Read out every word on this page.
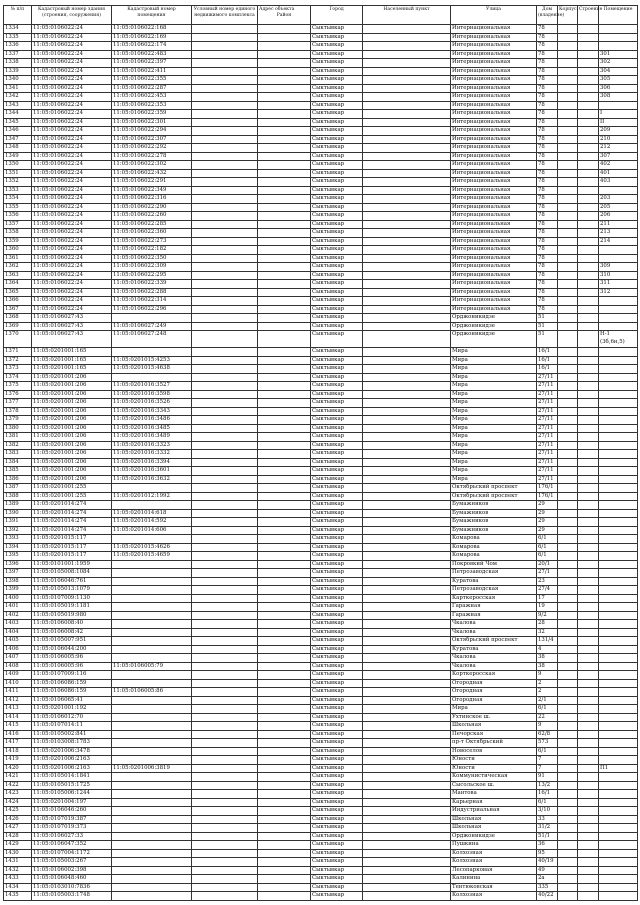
№ п/п	Кадастровый номер здания (строения, сооружения)	Кадастровый номер помещения	Условный номер единого недвижимого комплекса	Адрес объекта
Район	Город	Населенный пункт	Улица	Дом (владение)	Корпус	Строение	Помещение
1334	11:05:0106022:24	11:05:0106022:168			Сыктывкар		Интернациональная	78			
1335	11:05:0106022:24	11:05:0106022:169			Сыктывкар		Интернациональная	78			
1336	11:05:0106022:24	11:05:0106022:174			Сыктывкар		Интернациональная	78			
1337	11:05:0106022:24	11:05:0106022:483			Сыктывкар		Интернациональная	78			301
1338	11:05:0106022:24	11:05:0106022:397			Сыктывкар		Интернациональная	78			302
1339	11:05:0106022:24	11:05:0106022:411			Сыктывкар		Интернациональная	78			304
1340	11:05:0106022:24	11:05:0106022:355			Сыктывкар		Интернациональная	78			305
1341	11:05:0106022:24	11:05:0106022:287			Сыктывкар		Интернациональная	78			306
1342	11:05:0106022:24	11:05:0106022:453			Сыктывкар		Интернациональная	78			308
1343	11:05:0106022:24	11:05:0106022:353			Сыктывкар		Интернациональная	78			
1344	11:05:0106022:24	11:05:0106022:359			Сыктывкар		Интернациональная	78			I
1345	11:05:0106022:24	11:05:0106022:301			Сыктывкар		Интернациональная	78			II
1346	11:05:0106022:24	11:05:0106022:294			Сыктывкар		Интернациональная	78			209
1347	11:05:0106022:24	11:05:0106022:307			Сыктывкар		Интернациональная	78			210
1348	11:05:0106022:24	11:05:0106022:292			Сыктывкар		Интернациональная	78			212
1349	11:05:0106022:24	11:05:0106022:278			Сыктывкар		Интернациональная	78			307
1350	11:05:0106022:24	11:05:0106022:302			Сыктывкар		Интернациональная	78			402
1351	11:05:0106022:24	11:05:0106022:432			Сыктывкар		Интернациональная	78			401
1352	11:05:0106022:24	11:05:0106022:291			Сыктывкар		Интернациональная	78			403
1353	11:05:0106022:24	11:05:0106022:349			Сыктывкар		Интернациональная	78			
1354	11:05:0106022:24	11:05:0106022:316			Сыктывкар		Интернациональная	78			203
1355	11:05:0106022:24	11:05:0106022:290			Сыктывкар		Интернациональная	78			205
1356	11:05:0106022:24	11:05:0106022:260			Сыктывкар		Интернациональная	78			206
1357	11:05:0106022:24	11:05:0106022:285			Сыктывкар		Интернациональная	78			211
1358	11:05:0106022:24	11:05:0106022:360			Сыктывкар		Интернациональная	78			213
1359	11:05:0106022:24	11:05:0106022:273			Сыктывкар		Интернациональная	78			214
1360	11:05:0106022:24	11:05:0106022:182			Сыктывкар		Интернациональная	78			
1361	11:05:0106022:24	11:05:0106022:350			Сыктывкар		Интернациональная	78			
1362	11:05:0106022:24	11:05:0106022:309			Сыктывкар		Интернациональная	78			309
1363	11:05:0106022:24	11:05:0106022:295			Сыктывкар		Интернациональная	78			310
1364	11:05:0106022:24	11:05:0106022:339			Сыктывкар		Интернациональная	78			311
1365	11:05:0106022:24	11:05:0106022:288			Сыктывкар		Интернациональная	78			312
1366	11:05:0106022:24	11:05:0106022:314			Сыктывкар		Интернациональная	78			
1367	11:05:0106022:24	11:05:0106022:296			Сыктывкар		Интернациональная	78			
1368	11:05:0106027:43				Сыктывкар		Орджоникидзе	51			
1369	11:05:0106027:43	11:05:0106027:249			Сыктывкар		Орджоникидзе	51			
1370	11:05:0106027:43	11:05:0106027:248			Сыктывкар		Орджоникидзе	51			Н-1 (3б,6н,5)
1371	11:05:0201001:165				Сыктывкар		Мира	16/1			
1372	11:05:0201001:165	11:05:0201015:4253			Сыктывкар		Мира	16/1			
1373	11:05:0201001:165	11:05:0201015:4638			Сыктывкар		Мира	16/1			
1374	11:05:0201001:206				Сыктывкар		Мира	27/11			
1375	11:05:0201001:206	11:05:0201016:3527			Сыктывкар		Мира	27/11			
1376	11:05:0201001:206	11:05:0201016:3598			Сыктывкар		Мира	27/11			
1377	11:05:0201001:206	11:05:0201016:3526			Сыктывкар		Мира	27/11			
1378	11:05:0201001:206	11:05:0201016:3343			Сыктывкар		Мира	27/11			
1379	11:05:0201001:206	11:05:0201016:3486			Сыктывкар		Мира	27/11			
1380	11:05:0201001:206	11:05:0201016:3485			Сыктывкар		Мира	27/11			
1381	11:05:0201001:206	11:05:0201016:3489			Сыктывкар		Мира	27/11			
1382	11:05:0201001:206	11:05:0201016:3323			Сыктывкар		Мира	27/11			
1383	11:05:0201001:206	11:05:0201016:3332			Сыктывкар		Мира	27/11			
1384	11:05:0201001:206	11:05:0201016:3394			Сыктывкар		Мира	27/11			
1385	11:05:0201001:206	11:05:0201016:3601			Сыктывкар		Мира	27/11			
1386	11:05:0201001:206	11:05:0201016:3632			Сыктывкар		Мира	27/11			
1387	11:05:0201001:255				Сыктывкар		Октябрьский проспект	176/1			
1388	11:05:0201001:255	11:05:0201012:1992			Сыктывкар		Октябрьский проспект	176/1			
1389	11:05:0201014:274				Сыктывкар		Бумажников	29			
1390	11:05:0201014:274	11:05:0201014:618			Сыктывкар		Бумажников	29			
1391	11:05:0201014:274	11:05:0201014:592			Сыктывкар		Бумажников	29			
1392	11:05:0201014:274	11:05:0201014:606			Сыктывкар		Бумажников	29			
1393	11:05:0201015:117				Сыктывкар		Комарова	6/1			
1394	11:05:0201015:117	11:05:0201015:4626			Сыктывкар		Комарова	6/1			
1395	11:05:0201015:117	11:05:0201015:4659			Сыктывкар		Комарова	6/1			
1396	11:05:0101001:1959				Сыктывкар		Покровкий Чом	20/1			
1397	11:05:0105008:1084				Сыктывкар		Петрозаводская	27/1			
1398	11:05:0106046:761				Сыктывкар		Куратова	23			
1399	11:05:0105013:1079				Сыктывкар		Петрозаводская	27/4			
1400	11:05:0107009:1130				Сыктывкар		Карткеросская	17			
1401	11:05:0105019:1181				Сыктывкар		Гаражная	19			
1402	11:05:0105019:980				Сыктывкар		Гаражная	9/2			
1403	11:05:0106008:40				Сыктывкар		Чкалова	28			
1404	11:05:0106008:42				Сыктывкар		Чкалова	32			
1405	11:05:0105007:951				Сыктывкар		Октябрьский проспект	131/4			
1406	11:05:0106044:200				Сыктывкар		Куратова	4			
1407	11:05:0106005:96				Сыктывкар		Чкалова	38			
1408	11:05:0106005:96	11:05:0106005:79			Сыктывкар		Чкалова	38			
1409	11:05:0107009:116				Сыктывкар		Корткеросская	9			
1410	11:05:0106086:159				Сыктывкар		Огородная	2			
1411	11:05:0106086:159	11:05:0106005:86			Сыктывкар		Огородная	2			
1412	11:05:0106065:41				Сыктывкар		Огородная	2/1			
1413	11:05:0201001:192				Сыктывкар		Мира	6/1			
1414	11:05:0106012:70				Сыктывкар		Ухтинское ш.	22			
1415	11:05:0107014:11				Сыктывкар		Школьная	9			
1416	11:05:0105002:841				Сыктывкар		Печорская	62/8			
1417	11:05:0103008:1783				Сыктывкар		пр-т Октябрьский	573			
1418	11:05:0201006:3478				Сыктывкар		Новоселов	6/1			
1419	11:05:0201006:2163				Сыктывкар		Юности	7			
1420	11:05:0201006:2163	11:05:0201006:3819			Сыктывкар		Юности	7			П1
1421	11:05:0105014:1841				Сыктывкар		Коммунистическая	91			
1422	11:05:0105015:1725				Сыктывкар		Сысольское ш.	13/2			
1423	11:05:0105006:1244				Сыктывкар		Мантова	16/1			
1424	11:05:0201004:197				Сыктывкар		Карьерная	6/1			
1425	11:05:0106046:260				Сыктывкар		Индустриальная	3/10			
1426	11:05:0107019:387				Сыктывкар		Школьная	33			
1427	11:05:0107019:373				Сыктывкар		Школьная	31/2			
1428	11:05:0106027:33				Сыктывкар		Орджоникидзе	51/1			
1429	11:05:0106047:352				Сыктывкар		Пушкина	36			
1430	11:05:0107004:1172				Сыктывкар		Колхозная	95			
1431	11:05:0105003:267				Сыктывкар		Колхозная	40/19			
1432	11:05:0106002:398				Сыктывкар		Лесопарковая	49			
1433	11:05:0106048:460				Сыктывкар		Калинина	2а			
1434	11:05:0103010:7836				Сыктывкар		Тентюковская	335			
1435	11:05:0105003:1748				Сыктывкар		Колхозная	40/22			
